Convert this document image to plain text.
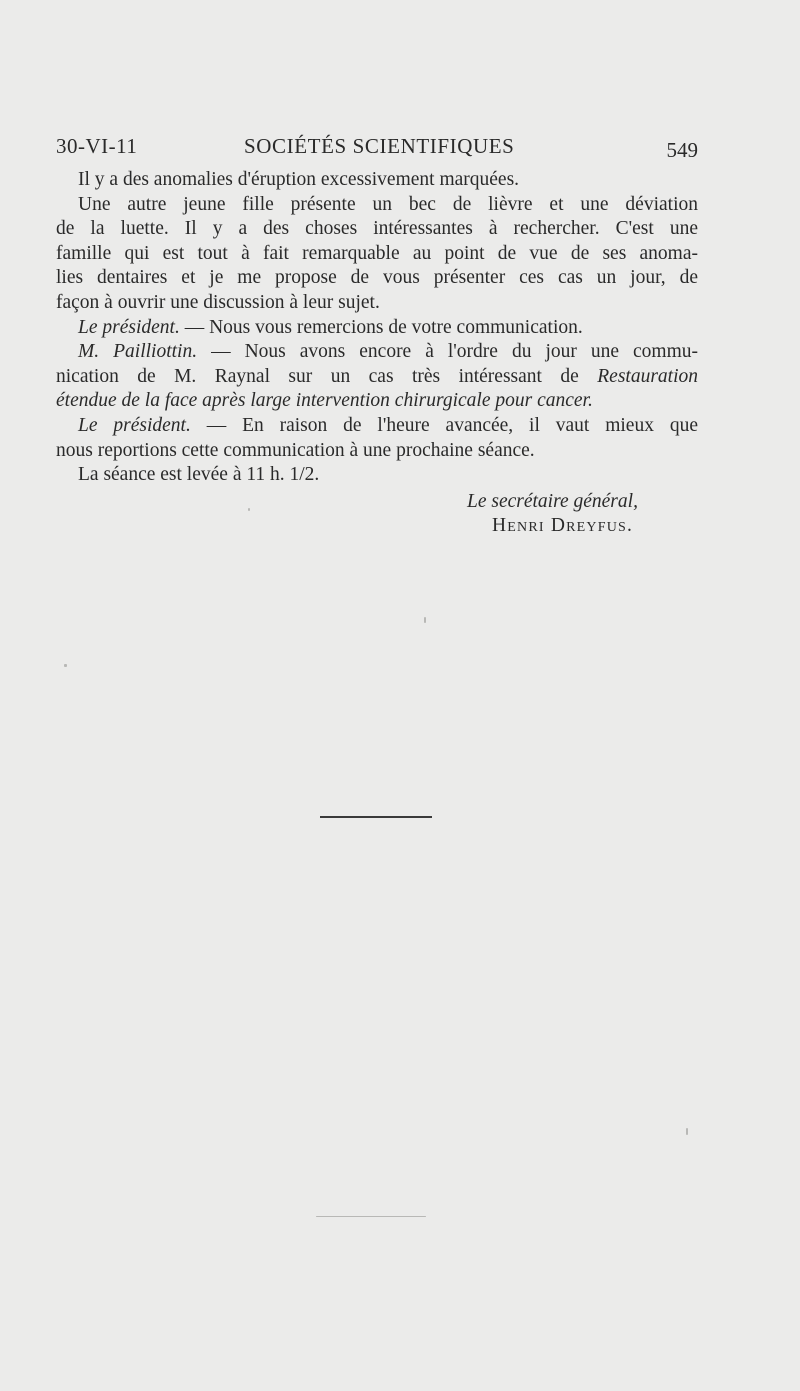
30-VI-11	SOCIÉTÉS SCIENTIFIQUES	549
Il y a des anomalies d'éruption excessivement marquées.
Une autre jeune fille présente un bec de lièvre et une déviation
de la luette. Il y a des choses intéressantes à rechercher. C'est une
famille qui est tout à fait remarquable au point de vue de ses anoma-
lies dentaires et je me propose de vous présenter ces cas un jour, de
façon à ouvrir une discussion à leur sujet.
Le président. — Nous vous remercions de votre communication.
M. Pailliottin. — Nous avons encore à l'ordre du jour une commu-
nication de M. Raynal sur un cas très intéressant de Restauration
étendue de la face après large intervention chirurgicale pour cancer.
Le président. — En raison de l'heure avancée, il vaut mieux que
nous reportions cette communication à une prochaine séance.
La séance est levée à 11 h. 1/2.
Le secrétaire général,
Henri Dreyfus.
